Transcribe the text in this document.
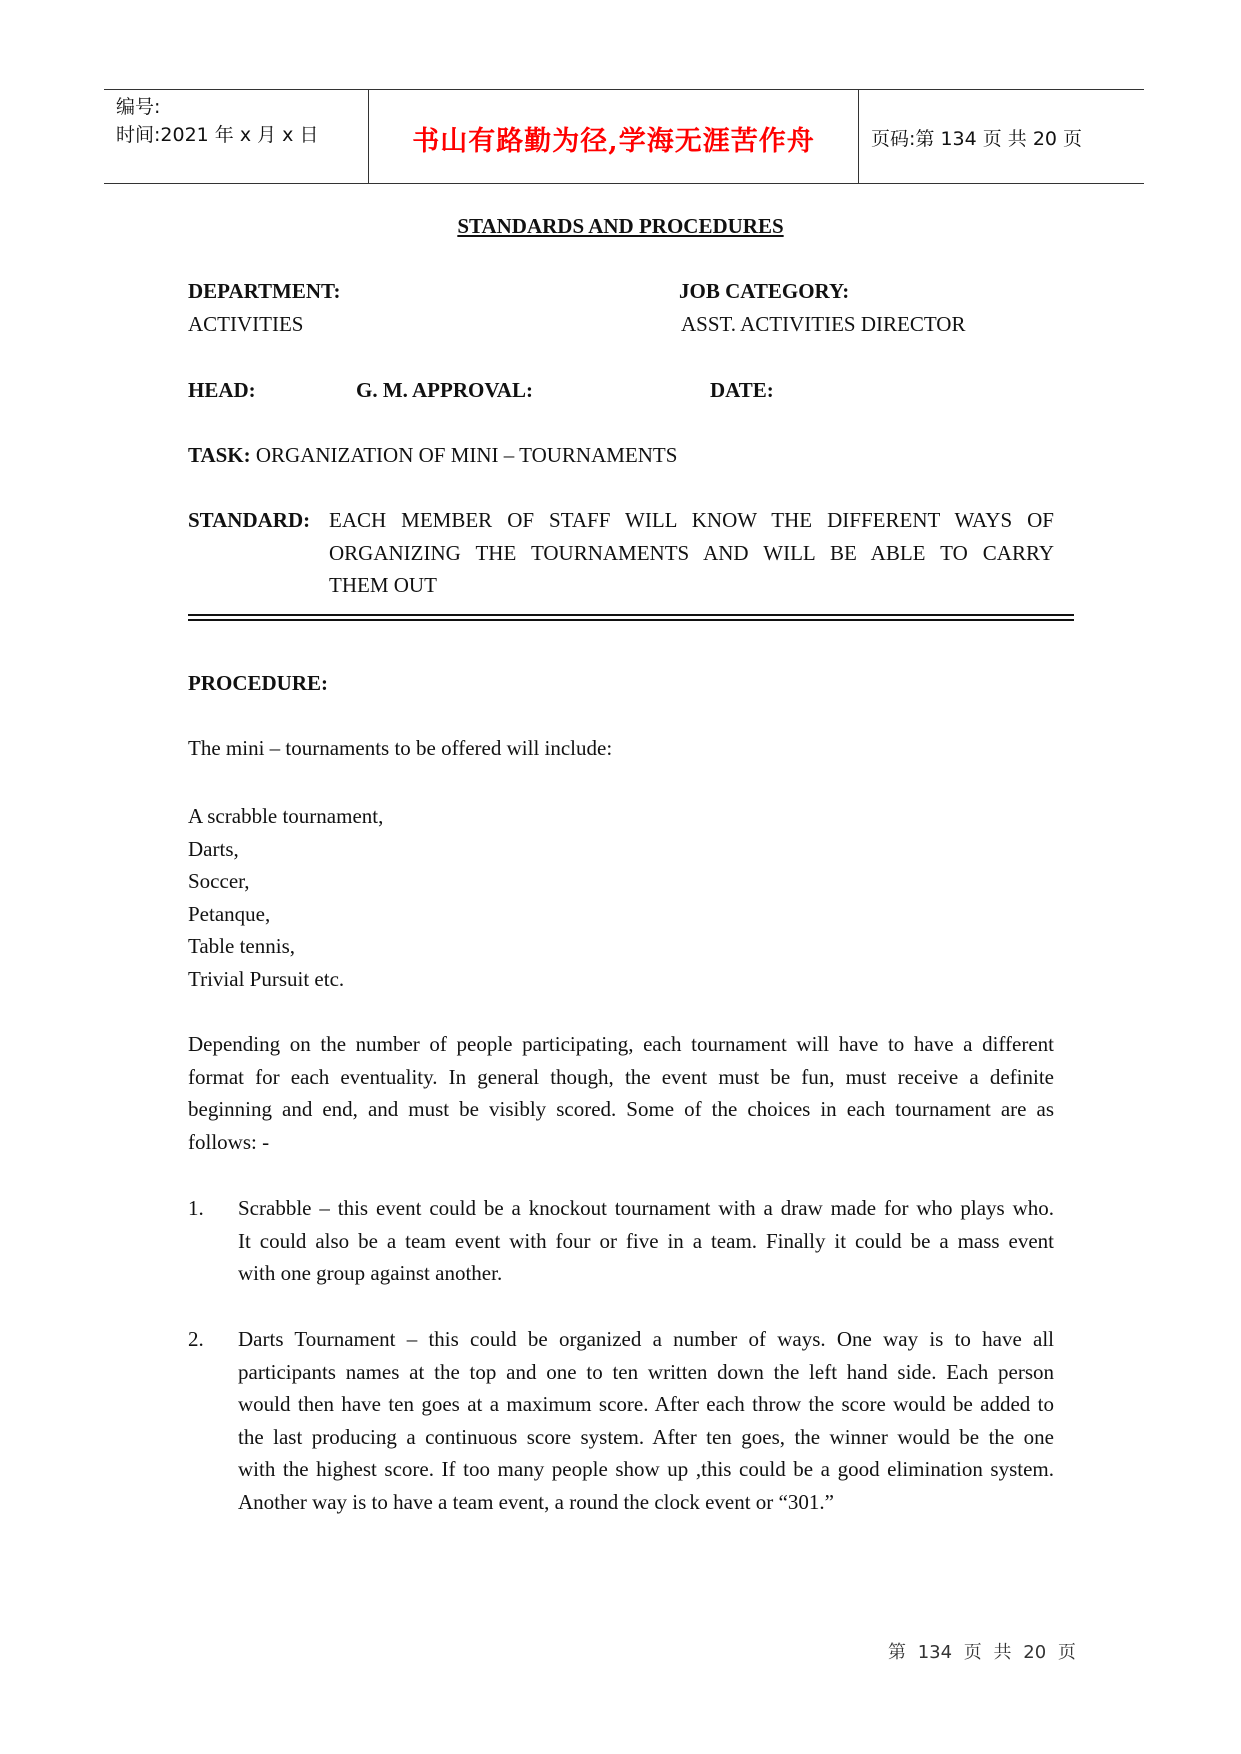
编号:
时间:2021 年 x 月 x 日	书山有路勤为径,学海无涯苦作舟	页码:第 134 页 共 20 页
STANDARDS AND PROCEDURES
DEPARTMENT:
ACTIVITIES
JOB CATEGORY:
ASST. ACTIVITIES DIRECTOR
HEAD:	G. M. APPROVAL:	DATE:
TASK: ORGANIZATION OF MINI – TOURNAMENTS
STANDARD: EACH MEMBER OF STAFF WILL KNOW THE DIFFERENT WAYS OF
ORGANIZING THE TOURNAMENTS AND WILL BE ABLE TO CARRY
THEM OUT
PROCEDURE:
The mini – tournaments to be offered will include:
A scrabble tournament,
Darts,
Soccer,
Petanque,
Table tennis,
Trivial Pursuit etc.
Depending on the number of people participating, each tournament will have to have a different
format for each eventuality. In general though, the event must be fun, must receive a definite
beginning and end, and must be visibly scored. Some of the choices in each tournament are as
follows: -
1. Scrabble – this event could be a knockout tournament with a draw made for who plays who.
It could also be a team event with four or five in a team. Finally it could be a mass event
with one group against another.
2. Darts Tournament – this could be organized a number of ways. One way is to have all
participants names at the top and one to ten written down the left hand side. Each person
would then have ten goes at a maximum score. After each throw the score would be added to
the last producing a continuous score system. After ten goes, the winner would be the one
with the highest score. If too many people show up ,this could be a good elimination system.
Another way is to have a team event, a round the clock event or “301.”
第 134 页 共 20 页
